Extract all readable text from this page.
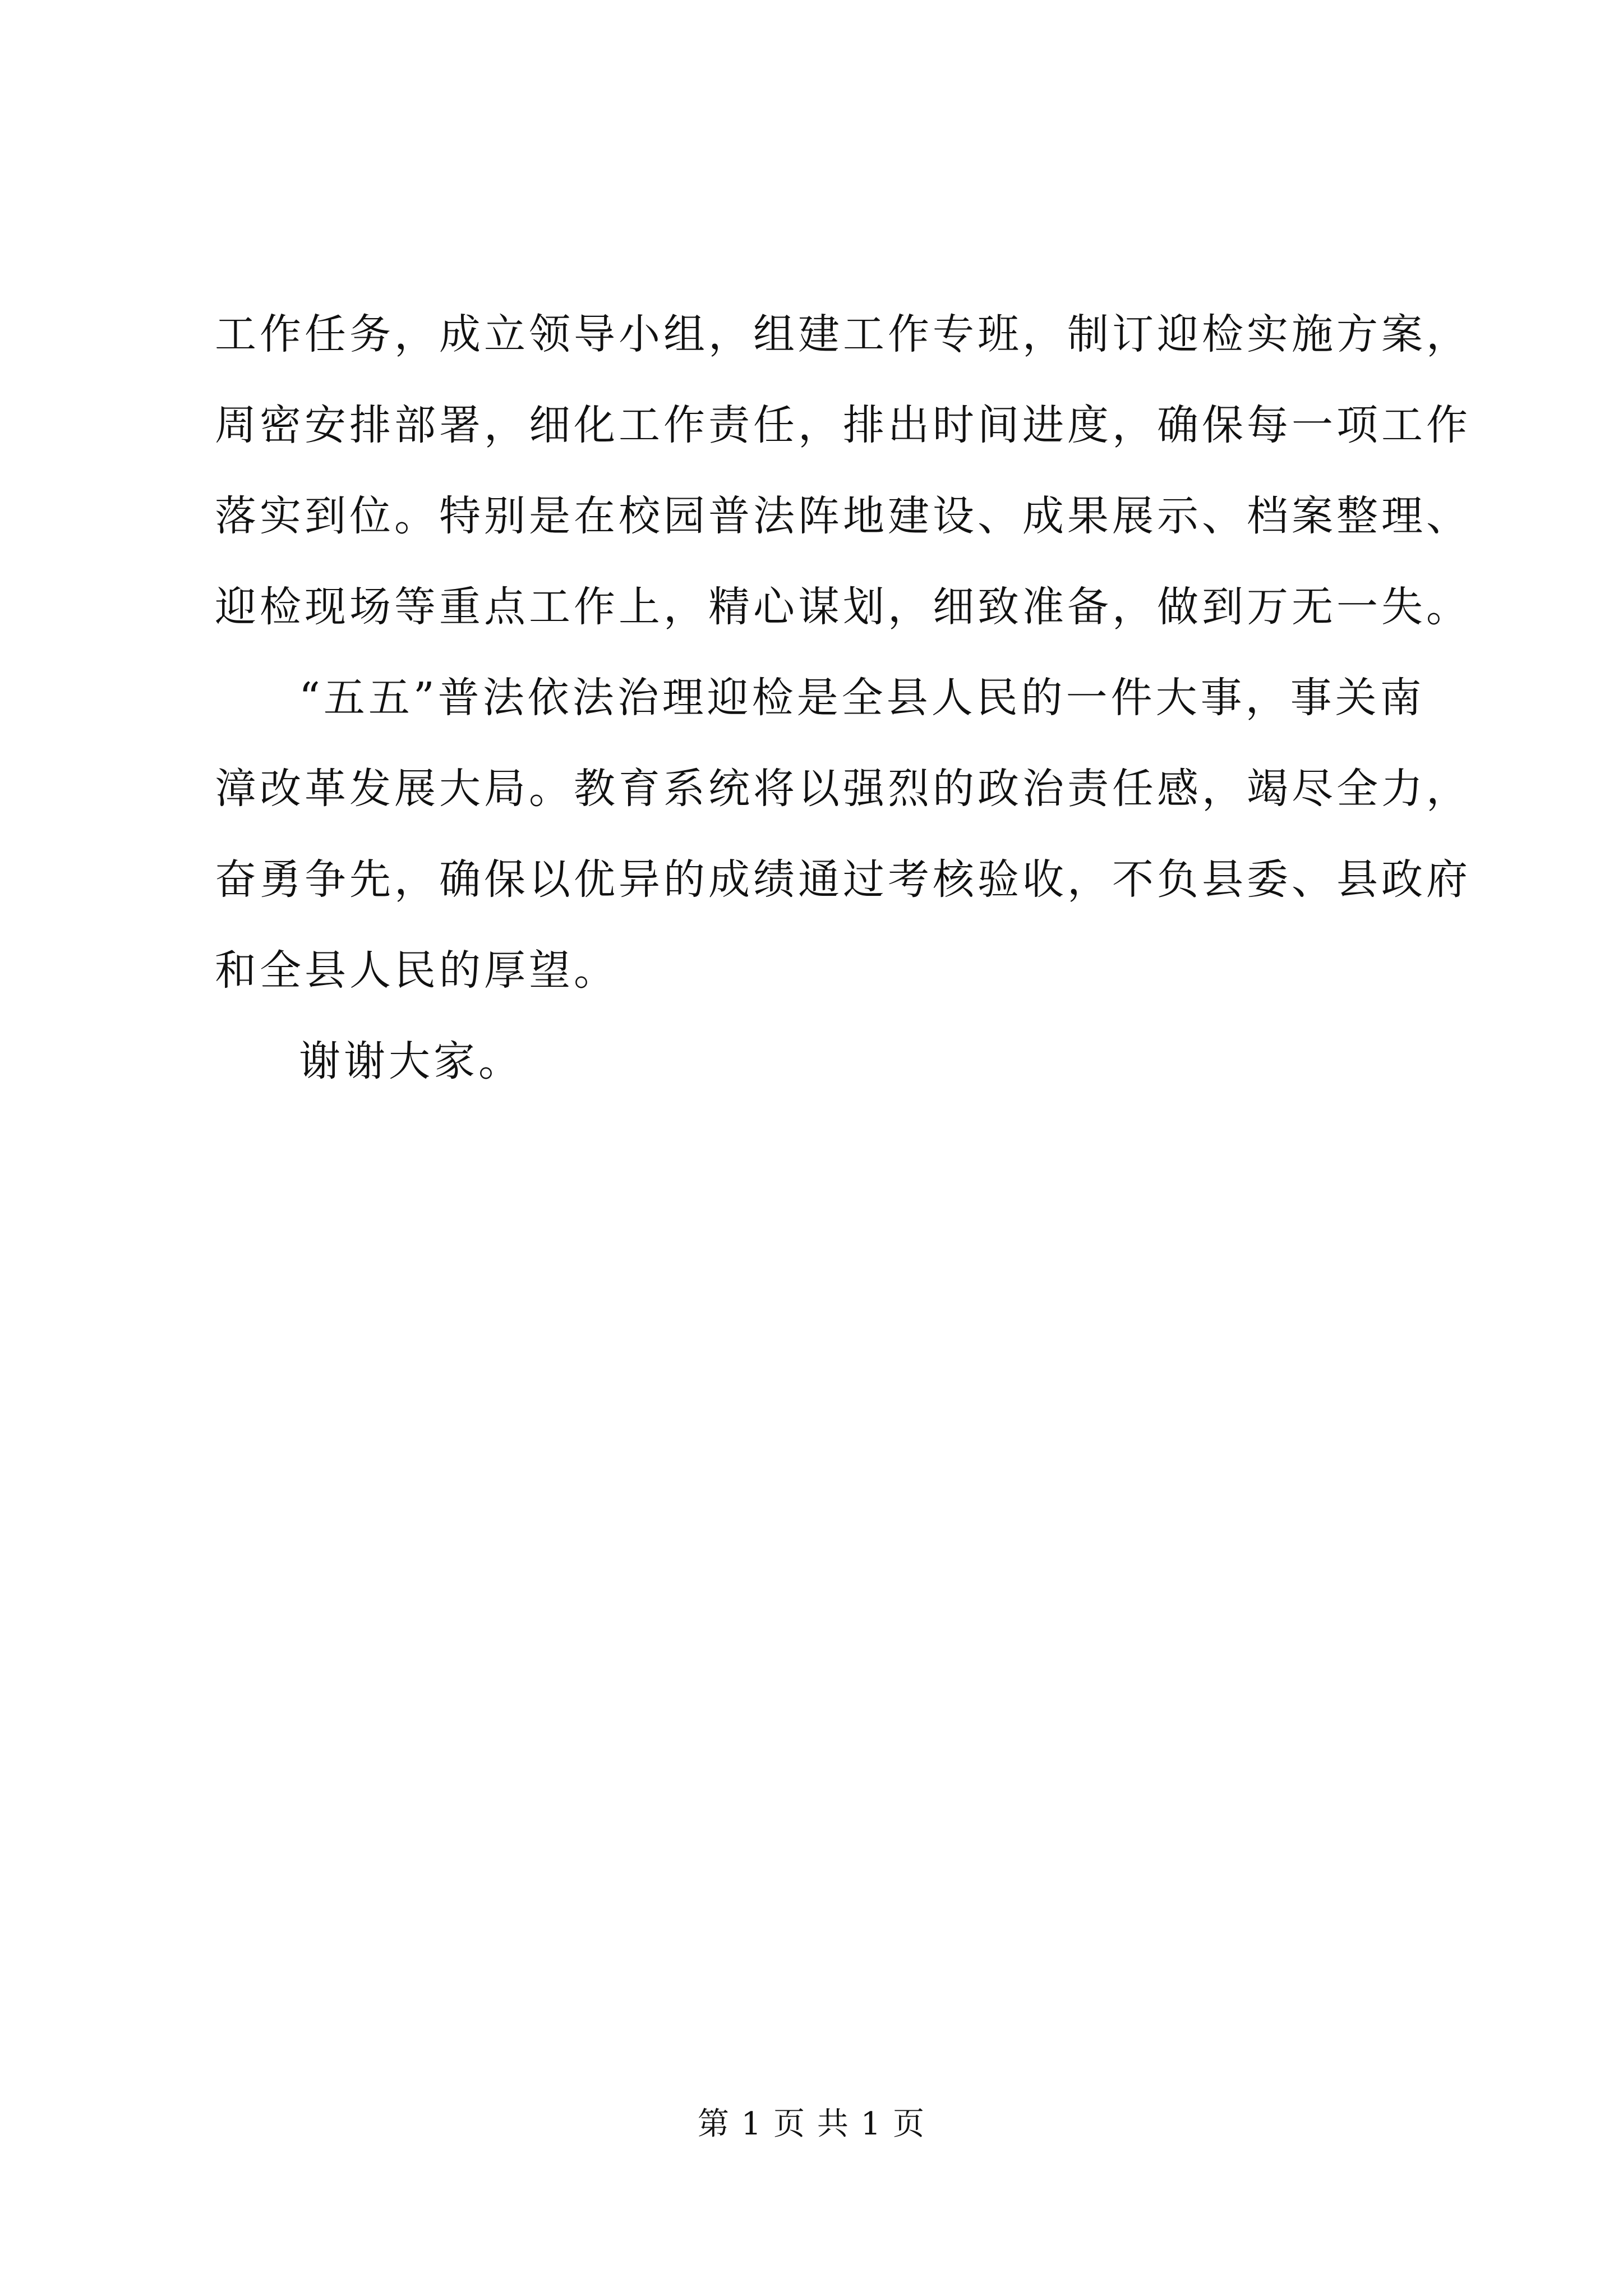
工作任务，成立领导小组，组建工作专班，制订迎检实施方案，
周密安排部署，细化工作责任，排出时间进度，确保每一项工作
落实到位。特别是在校园普法阵地建设、成果展示、档案整理、
迎检现场等重点工作上，精心谋划，细致准备，做到万无一失。
“五五”普法依法治理迎检是全县人民的一件大事，事关南
漳改革发展大局。教育系统将以强烈的政治责任感，竭尽全力，
奋勇争先，确保以优异的成绩通过考核验收，不负县委、县政府
和全县人民的厚望。
谢谢大家。
第 1 页 共 1 页
